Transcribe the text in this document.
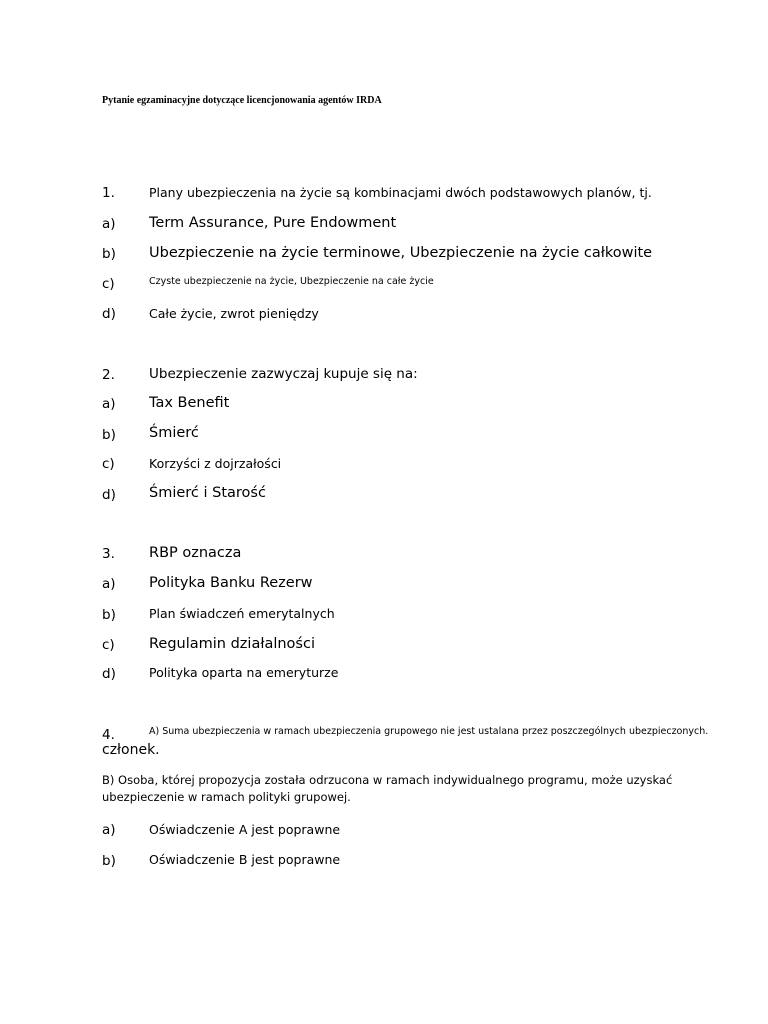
Pytanie egzaminacyjne dotyczące licencjonowania agentów IRDA
1.	Plany ubezpieczenia na życie są kombinacjami dwóch podstawowych planów, tj.
a) Term Assurance, Pure Endowment
b) Ubezpieczenie na życie terminowe, Ubezpieczenie na życie całkowite
c)	Czyste ubezpieczenie na życie, Ubezpieczenie na całe życie
d)	Całe życie, zwrot pieniędzy
2.	Ubezpieczenie zazwyczaj kupuje się na:
a) Tax Benefit
b) Śmierć
c)	Korzyści z dojrzałości
d) Śmierć i Starość
3. RBP oznacza
a) Polityka Banku Rezerw
b)	Plan świadczeń emerytalnych
c) Regulamin działalności
d)	Polityka oparta na emeryturze
4.	A) Suma ubezpieczenia w ramach ubezpieczenia grupowego nie jest ustalana przez poszczególnych ubezpieczonych.
członek.
B) Osoba, której propozycja została odrzucona w ramach indywidualnego programu, może uzyskać ubezpieczenie w ramach polityki grupowej.
a)	Oświadczenie A jest poprawne
b)	Oświadczenie B jest poprawne
